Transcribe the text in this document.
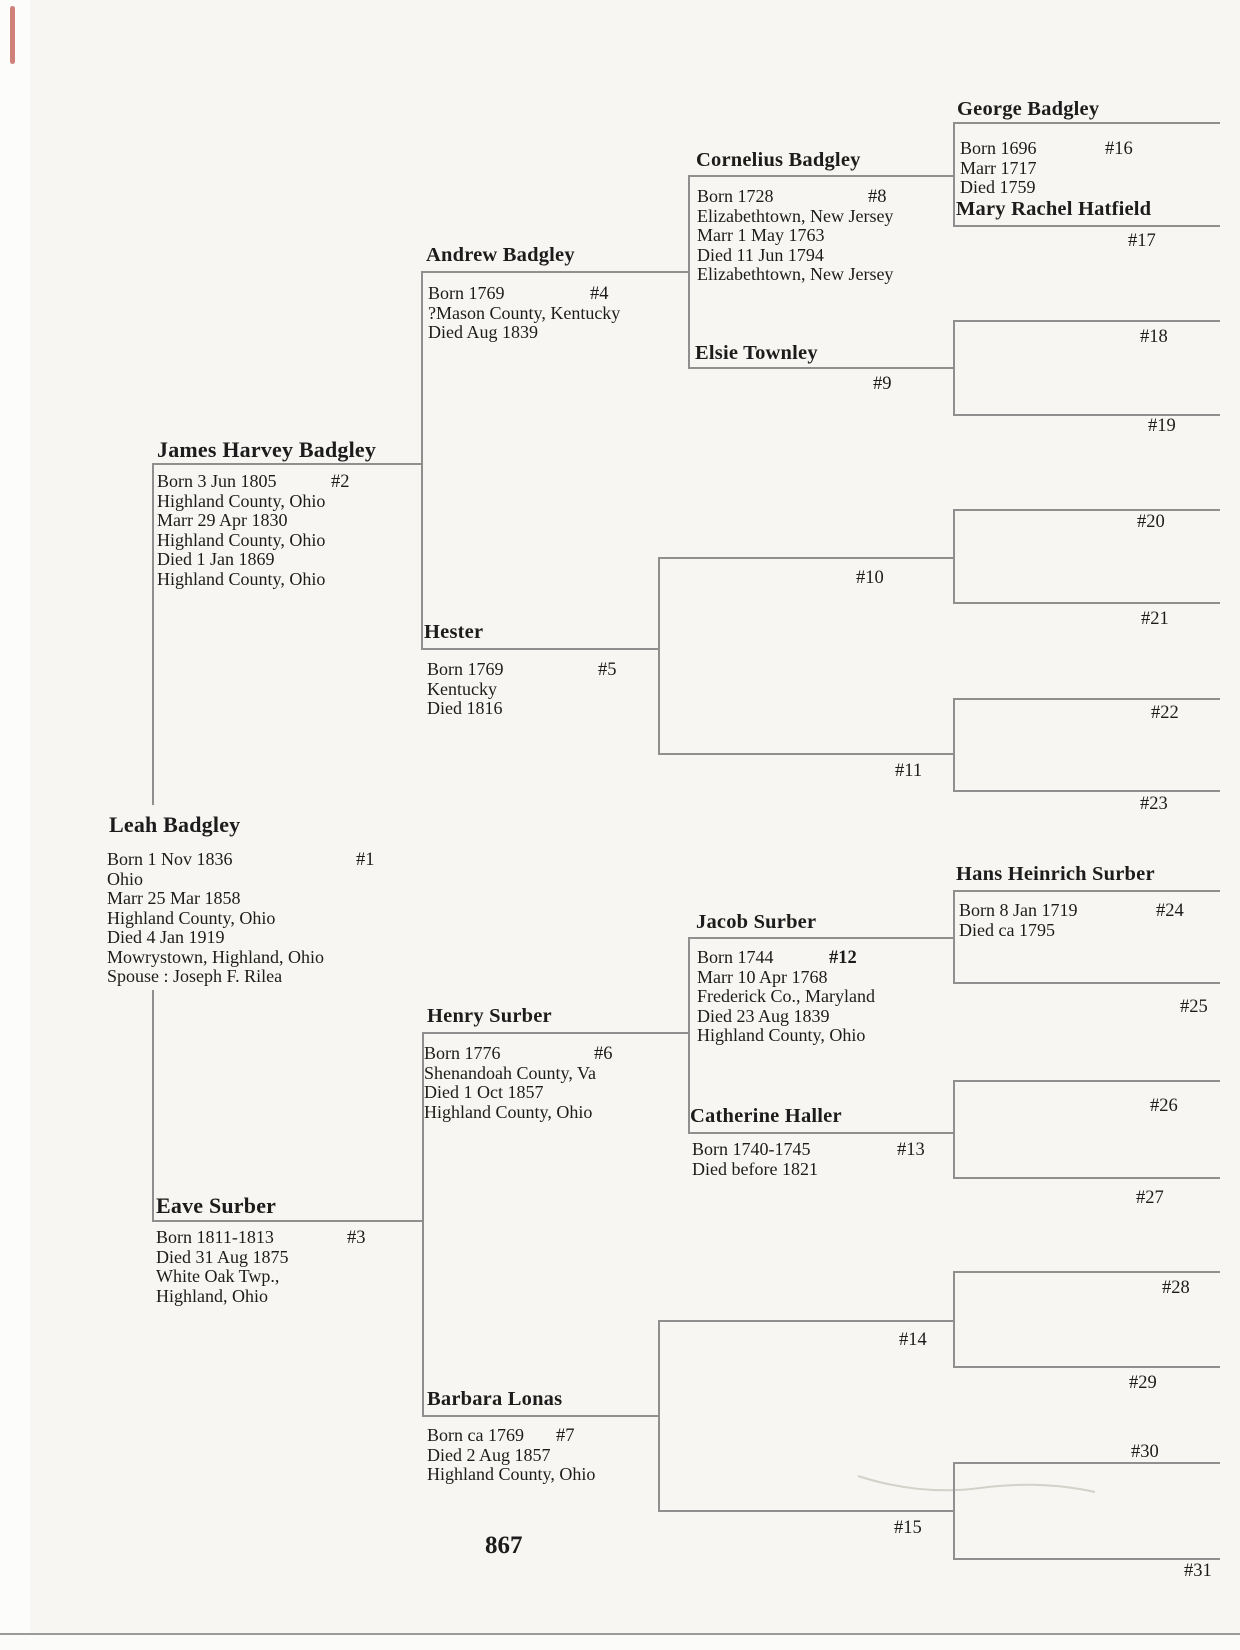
Leah Badgley
Born 1 Nov 1836
Ohio
Marr 25 Mar 1858
Highland County, Ohio
Died 4 Jan 1919
Mowrystown, Highland, Ohio
Spouse : Joseph F. Rilea
#1
James Harvey Badgley
Born 3 Jun 1805
Highland County, Ohio
Marr 29 Apr 1830
Highland County, Ohio
Died 1 Jan 1869
Highland County, Ohio
#2
Eave Surber
Born 1811-1813
Died 31 Aug 1875
White Oak Twp.,
Highland, Ohio
#3
Andrew Badgley
Born 1769
?Mason County, Kentucky
Died Aug 1839
#4
Hester
Born 1769
Kentucky
Died 1816
#5
Henry Surber
Born 1776
Shenandoah County, Va
Died 1 Oct 1857
Highland County, Ohio
#6
Barbara Lonas
Born ca 1769
Died 2 Aug 1857
Highland County, Ohio
#7
Cornelius Badgley
Born 1728
Elizabethtown, New Jersey
Marr 1 May 1763
Died 11 Jun 1794
Elizabethtown, New Jersey
#8
Elsie Townley
#9
Jacob Surber
Born 1744
Marr 10 Apr 1768
Frederick Co., Maryland
Died 23 Aug 1839
Highland County, Ohio
#12
Catherine Haller
Born 1740-1745
Died before 1821
#13
George Badgley
Born 1696
Marr 1717
Died 1759
#16
Mary Rachel Hatfield
#17
Hans Heinrich Surber
Born 8 Jan 1719
Died ca 1795
#24
#10
#11
#14
#15
#18
#19
#20
#21
#22
#23
#25
#26
#27
#28
#29
#30
#31
867
